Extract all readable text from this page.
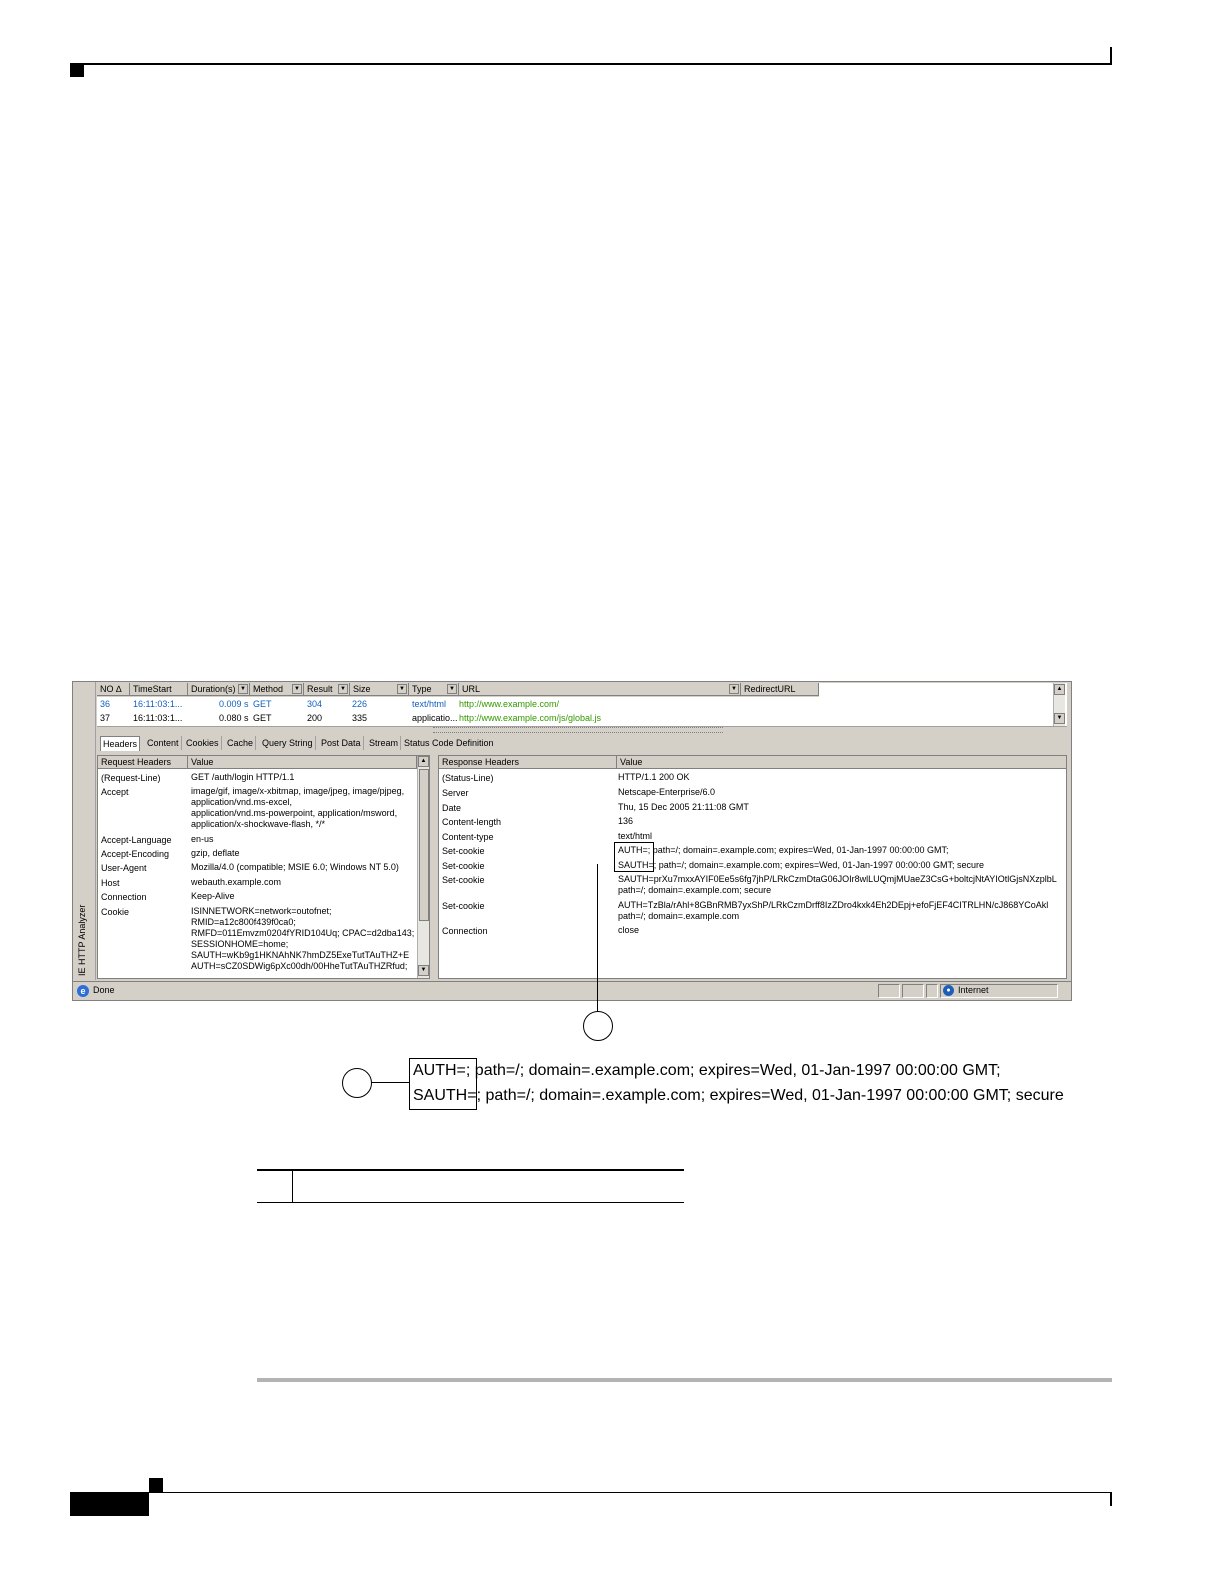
IE HTTP Analyzer
NO ∆	TimeStart	Duration(s) ▼ Method	▼ Result	▼ Size	▼ Type	▼ URL	▼ RedirectURL
36	16:11:03:1...	0.009 s GET	304	226	text/html http://www.example.com/
37	16:11:03:1...	0.080 s GET	200	335	applicatio... http://www.example.com/js/global.js
▲
▼
Headers	Content Cookies Cache Query String Post Data Stream Status Code Definition
Request Headers	Value
(Request-Line)	GET /auth/login HTTP/1.1
Accept	image/gif, image/x-xbitmap, image/jpeg, image/pjpeg,
application/vnd.ms-excel,
application/vnd.ms-powerpoint, application/msword,
application/x-shockwave-flash, */*
Accept-Language en-us
Accept-Encoding gzip, deflate
User-Agent	Mozilla/4.0 (compatible; MSIE 6.0; Windows NT 5.0)
Host	webauth.example.com
Connection	Keep-Alive
Cookie	ISINNETWORK=network=outofnet;
RMID=a12c800f439f0ca0;
RMFD=011Emvzm0204fYRID104Uq; CPAC=d2dba143;
SESSIONHOME=home;
SAUTH=wKb9g1HKNAhNK7hmDZ5ExeTutTAuTHZ+E
AUTH=sCZ0SDWig6pXc00dh/00HheTutTAuTHZRfud;
▲
▼
Response Headers	Value
(Status-Line)	HTTP/1.1 200 OK
Server	Netscape-Enterprise/6.0
Date	Thu, 15 Dec 2005 21:11:08 GMT
Content-length	136
Content-type	text/html
Set-cookie	AUTH=; path=/; domain=.example.com; expires=Wed, 01-Jan-1997 00:00:00 GMT;
Set-cookie	SAUTH=; path=/; domain=.example.com; expires=Wed, 01-Jan-1997 00:00:00 GMT; secure
Set-cookie	SAUTH=prXu7mxxAYIF0Ee5s6fg7jhP/LRkCzmDtaG06JOIr8wlLUQmjMUaeZ3CsG+boltcjNtAYIOtlGjsNXzplbL
path=/; domain=.example.com; secure
Set-cookie	AUTH=TzBla/rAhl+8GBnRMB7yxShP/LRkCzmDrff8IzZDro4kxk4Eh2DEpj+efoFjEF4CITRLHN/cJ868YCoAkl
path=/; domain=.example.com
Connection	close
e Done	● Internet
AUTH=; path=/; domain=.example.com; expires=Wed, 01-Jan-1997 00:00:00 GMT;
SAUTH=; path=/; domain=.example.com; expires=Wed, 01-Jan-1997 00:00:00 GMT; secure
